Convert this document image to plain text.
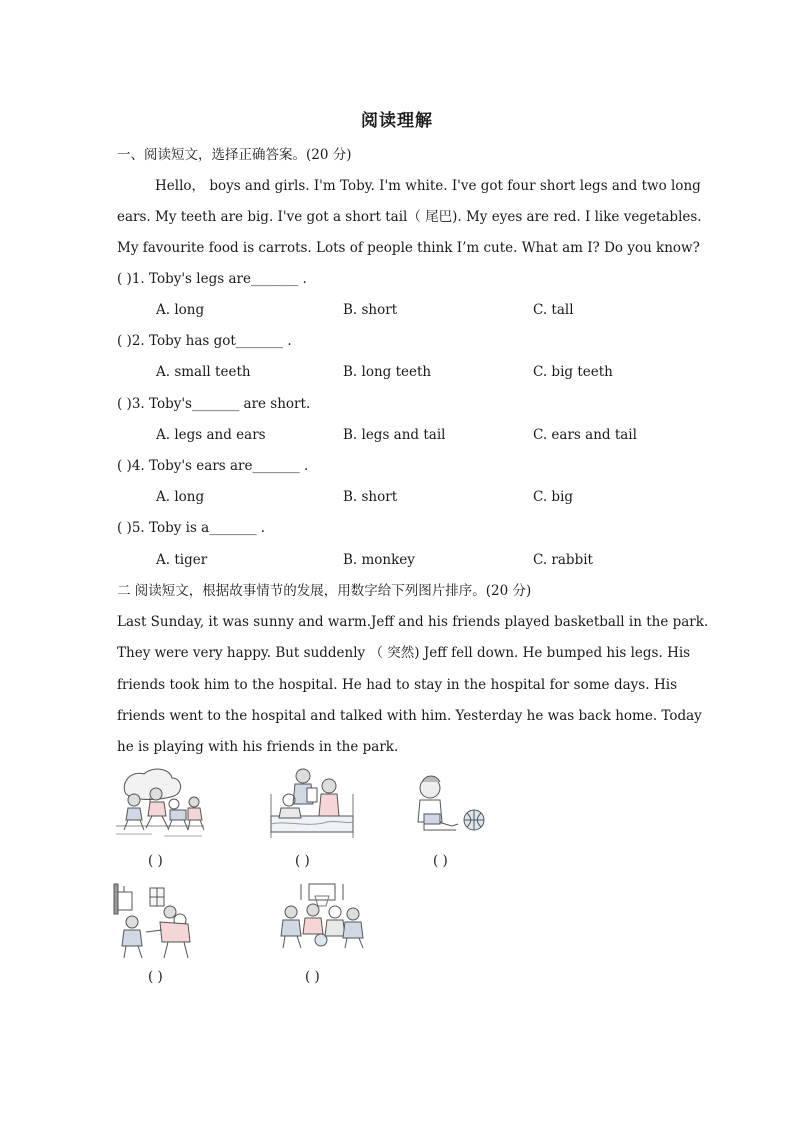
阅读理解
一、阅读短文，选择正确答案。(20 分)
Hello， boys and girls. I'm Toby. I'm white. I've got four short legs and two long
ears. My teeth are big. I've got a short tail（ 尾巴). My eyes are red. I like vegetables.
My favourite food is carrots. Lots of people think I’m cute. What am I? Do you know?
( )1. Toby's legs are_______ .
A. long	B. short	C. tall
( )2. Toby has got_______ .
A. small teeth	B. long teeth	C. big teeth
( )3. Toby's_______ are short.
A. legs and ears	B. legs and tail	C. ears and tail
( )4. Toby's ears are_______ .
A. long	B. short	C. big
( )5. Toby is a_______ .
A. tiger	B. monkey	C. rabbit
二 阅读短文，根据故事情节的发展，用数字给下列图片排序。(20 分)
Last Sunday, it was sunny and warm.Jeff and his friends played basketball in the park.
They were very happy. But suddenly （ 突然) Jeff fell down. He bumped his legs. His
friends took him to the hospital. He had to stay in the hospital for some days. His
friends went to the hospital and talked with him. Yesterday he was back home. Today
he is playing with his friends in the park.
( )	( )	( )
( )	( )
